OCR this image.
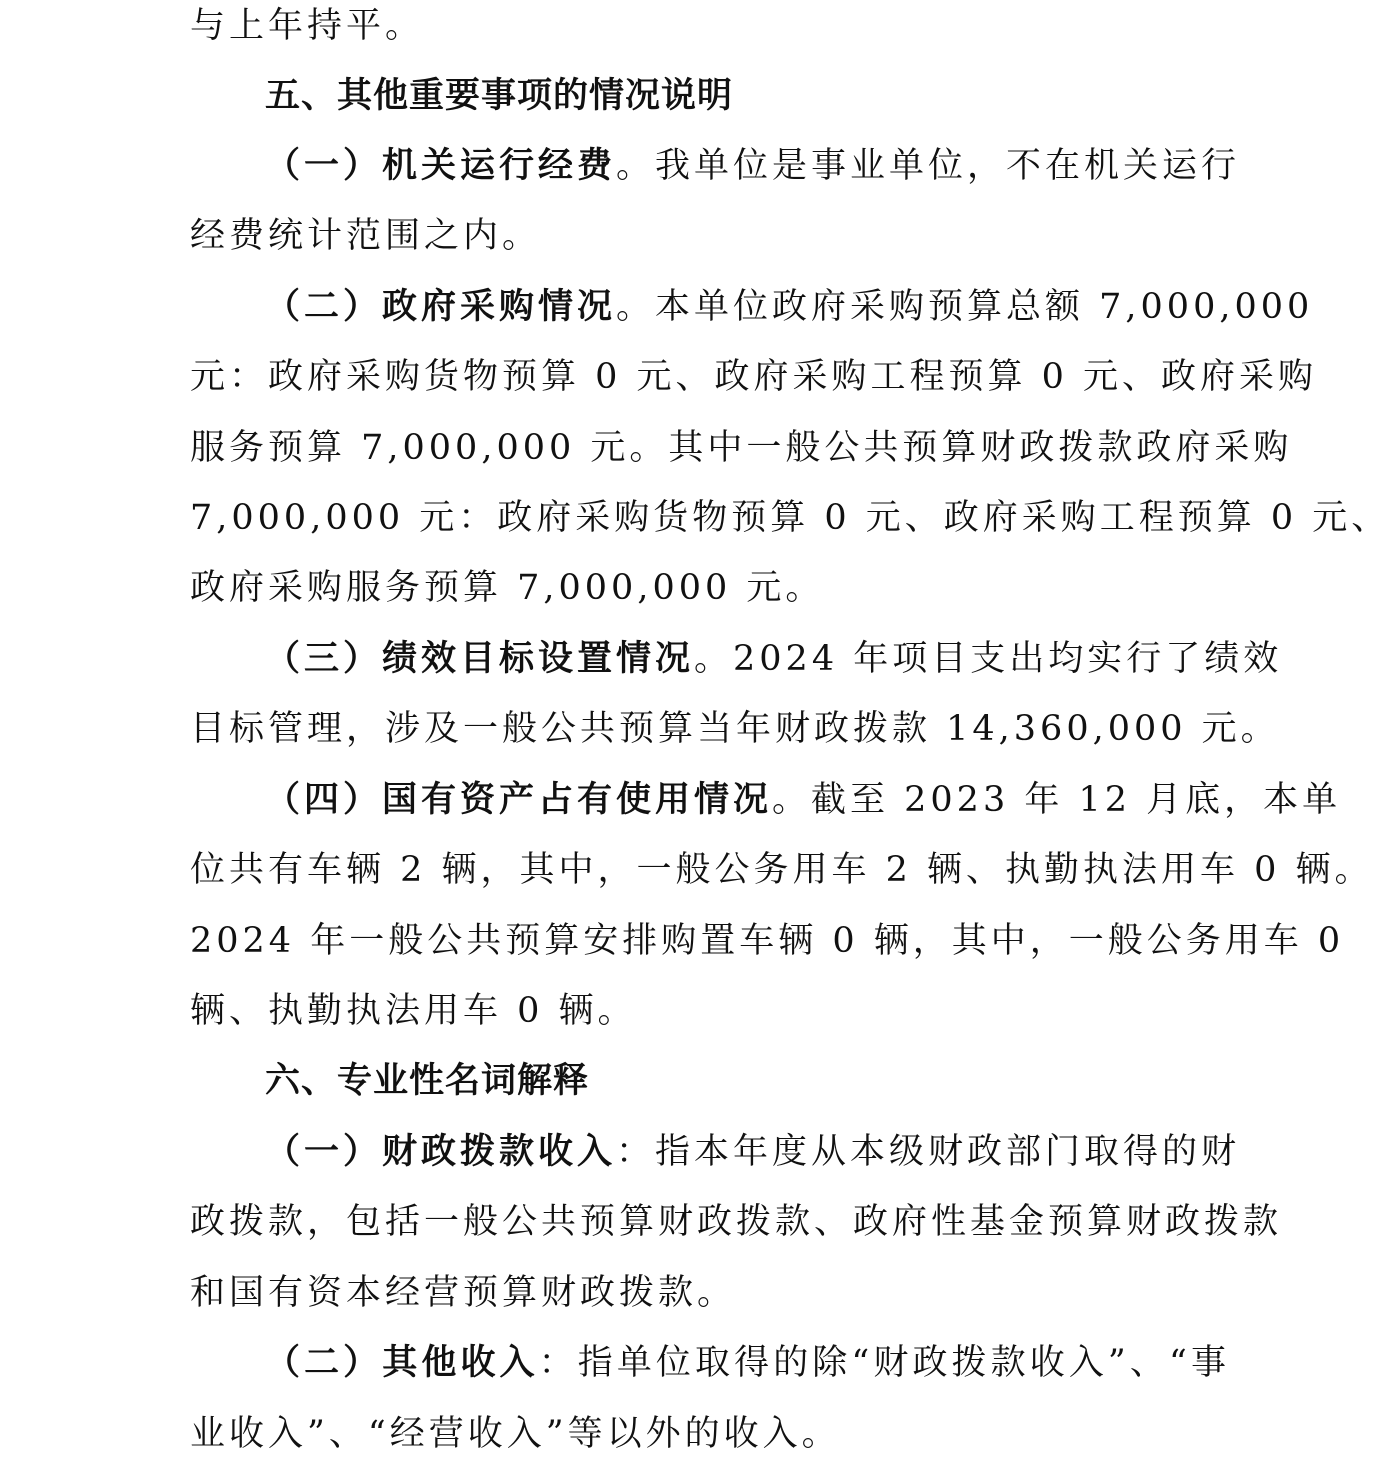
与上年持平。
五、其他重要事项的情况说明
（一）机关运行经费。我单位是事业单位，不在机关运行
经费统计范围之内。
（二）政府采购情况。本单位政府采购预算总额 7,000,000
元：政府采购货物预算 0 元、政府采购工程预算 0 元、政府采购
服务预算 7,000,000 元。其中一般公共预算财政拨款政府采购
7,000,000 元：政府采购货物预算 0 元、政府采购工程预算 0 元、
政府采购服务预算 7,000,000 元。
（三）绩效目标设置情况。2024 年项目支出均实行了绩效
目标管理，涉及一般公共预算当年财政拨款 14,360,000 元。
（四）国有资产占有使用情况。截至 2023 年 12 月底，本单
位共有车辆 2 辆，其中，一般公务用车 2 辆、执勤执法用车 0 辆。
2024 年一般公共预算安排购置车辆 0 辆，其中，一般公务用车 0
辆、执勤执法用车 0 辆。
六、专业性名词解释
（一）财政拨款收入：指本年度从本级财政部门取得的财
政拨款，包括一般公共预算财政拨款、政府性基金预算财政拨款
和国有资本经营预算财政拨款。
（二）其他收入：指单位取得的除“财政拨款收入”、“事
业收入”、“经营收入”等以外的收入。
